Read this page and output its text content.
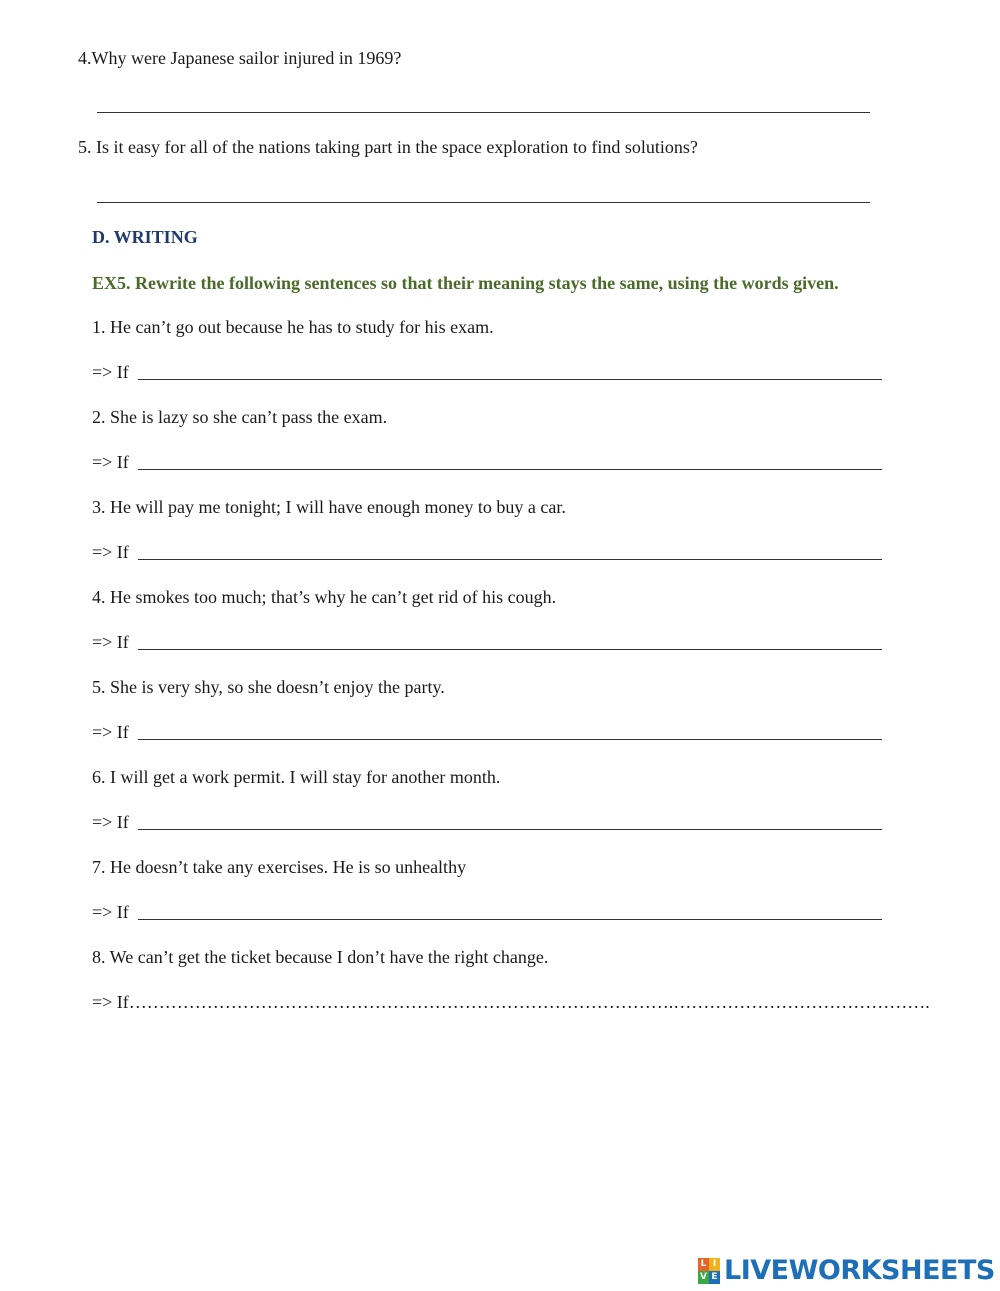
4.Why were Japanese sailor injured in 1969?
5. Is it easy for all of the nations taking part in the space exploration to find solutions?
D. WRITING
EX5. Rewrite the following sentences so that their meaning stays the same, using the words given.
1. He can’t go out because he has to study for his exam.
=> If
2. She is lazy so she can’t pass the exam.
=> If
3. He will pay me tonight; I will have enough money to buy a car.
=> If
4. He smokes too much; that’s why he can’t get rid of his cough.
=> If
5. She is very shy, so she doesn’t enjoy the party.
=> If
6. I will get a work permit. I will stay for another month.
=> If
7. He doesn’t take any exercises. He is so unhealthy
=> If
8. We can’t get the ticket because I don’t have the right change.
=> If……………………………………………………………………………….…………………………………….
L I
V E LIVEWORKSHEETS
